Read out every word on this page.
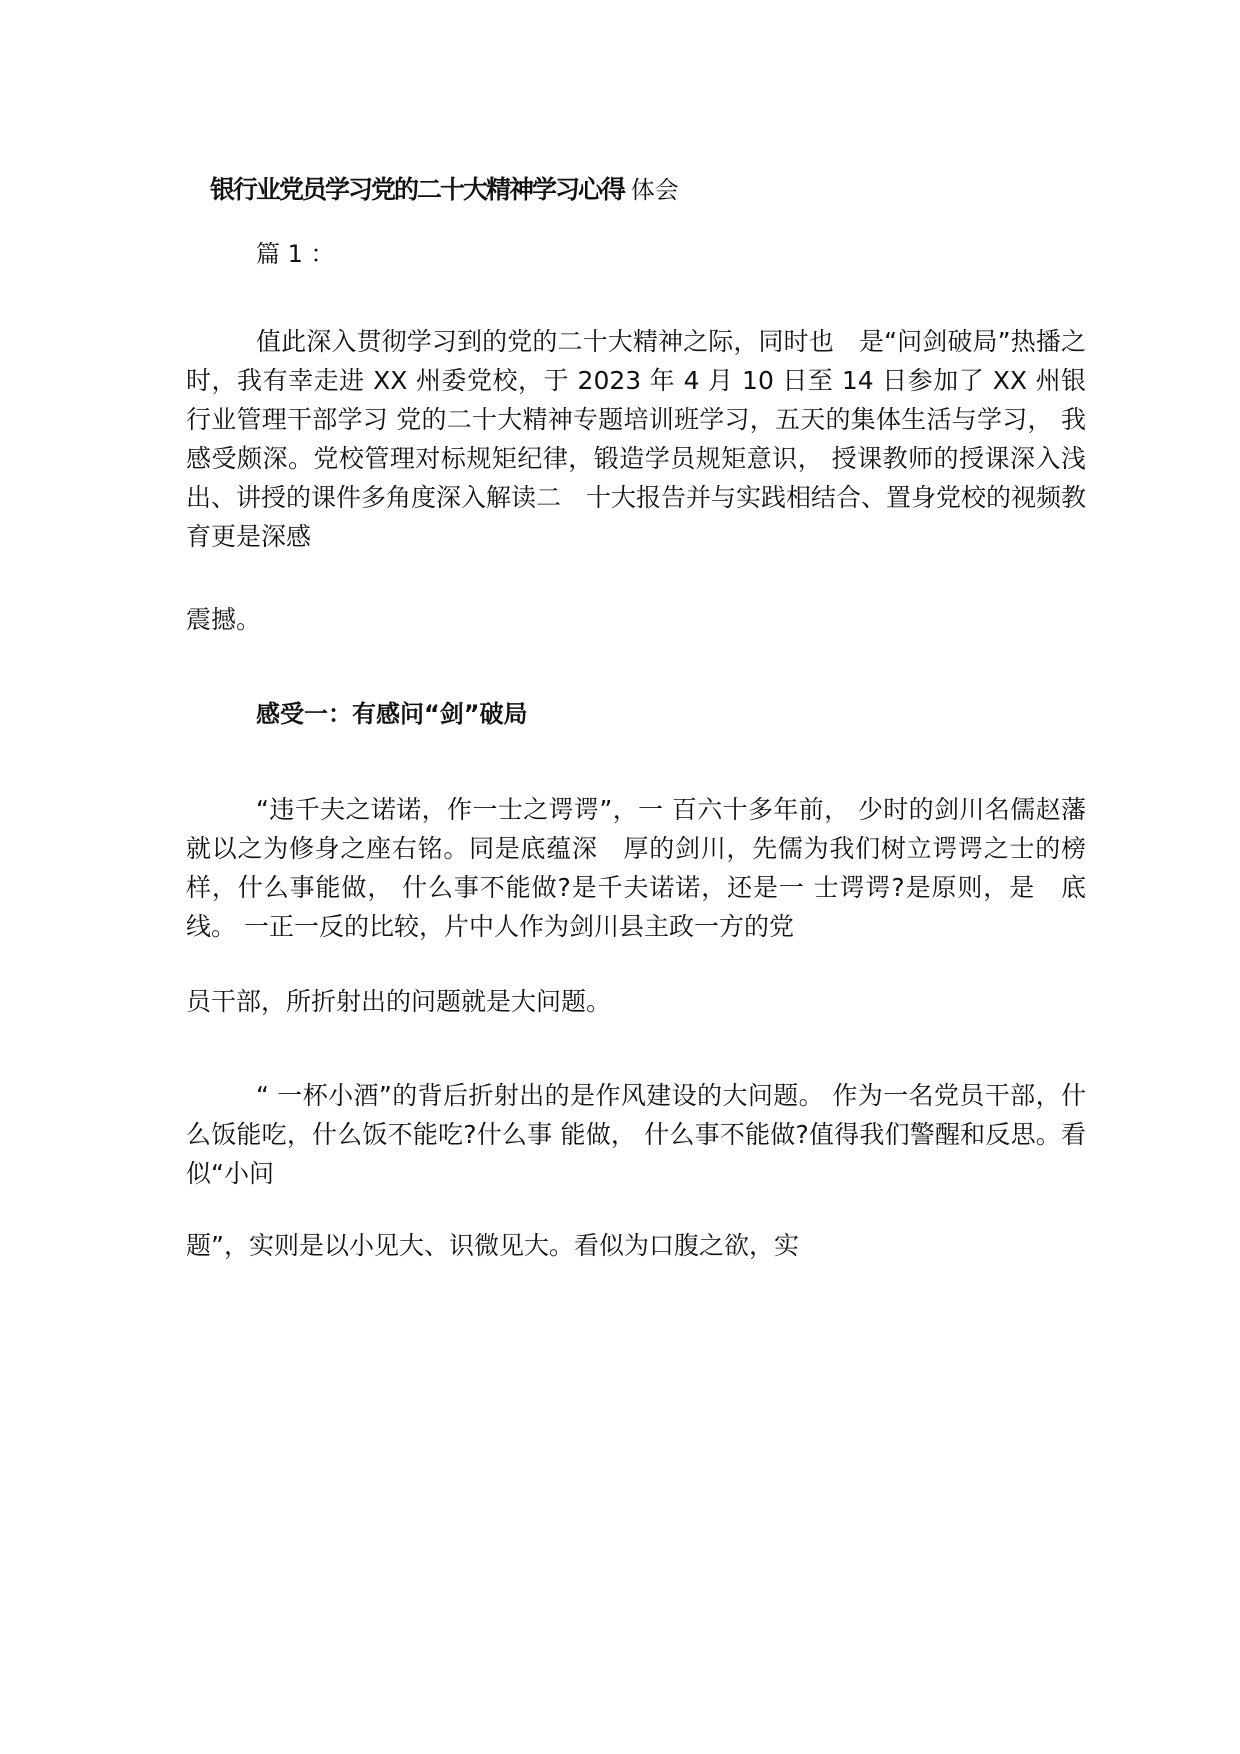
银行业党员学习党的二十大精神学习心得 体会
篇 1 ：

值此深入贯彻学习到的党的二十大精神之际，同时也　是“问剑破局”热播之时，我有幸走进 XX 州委党校，于 2023 年 4 月 10 日至 14 日参加了 XX 州银行业管理干部学习 党的二十大精神专题培训班学习，五天的集体生活与学习， 我感受颇深。党校管理对标规矩纪律，锻造学员规矩意识， 授课教师的授课深入浅出、讲授的课件多角度深入解读二　十大报告并与实践相结合、置身党校的视频教育更是深感

震撼。
感受一：有感问“剑”破局

“违千夫之诺诺，作一士之谔谔”，一 百六十多年前， 少时的剑川名儒赵藩就以之为修身之座右铭。同是底蕴深　厚的剑川，先儒为我们树立谔谔之士的榜样，什么事能做， 什么事不能做?是千夫诺诺，还是一 士谔谔?是原则，是　底线。 一正一反的比较，片中人作为剑川县主政一方的党

员干部，所折射出的问题就是大问题。

“ 一杯小酒”的背后折射出的是作风建设的大问题。 作为一名党员干部，什么饭能吃，什么饭不能吃?什么事 能做， 什么事不能做?值得我们警醒和反思。看似“小问

题”，实则是以小见大、识微见大。看似为口腹之欲，实
